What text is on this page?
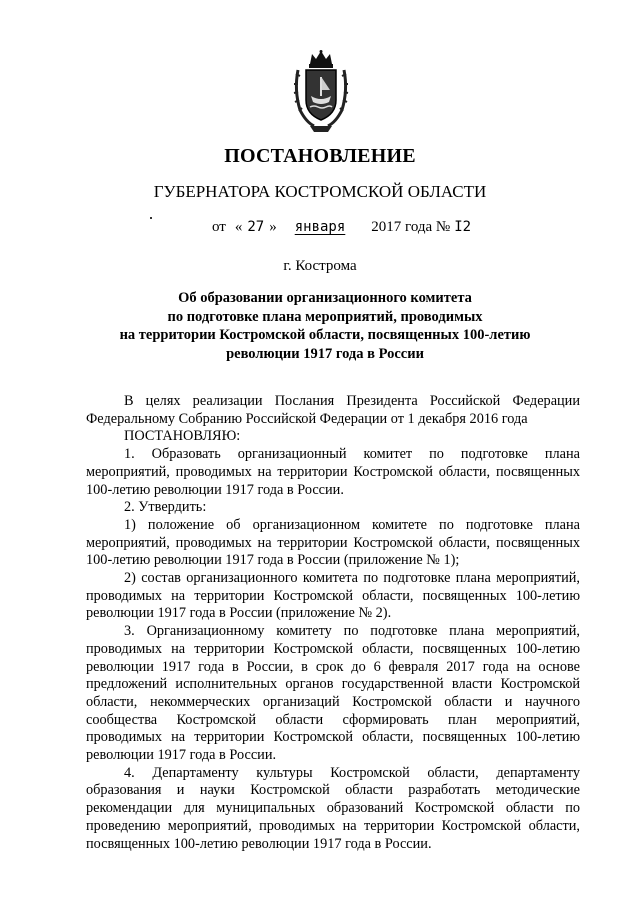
ПОСТАНОВЛЕНИЕ
ГУБЕРНАТОРА КОСТРОМСКОЙ ОБЛАСТИ
от « 27 » января 2017 года № I2
г. Кострома
Об образовании организационного комитета
по подготовке плана мероприятий, проводимых
на территории Костромской области, посвященных 100-летию
революции 1917 года в России

В целях реализации Послания Президента Российской Федерации Федеральному Собранию Российской Федерации от 1 декабря 2016 года

ПОСТАНОВЛЯЮ:

1. Образовать организационный комитет по подготовке плана мероприятий, проводимых на территории Костромской области, посвященных 100-летию революции 1917 года в России.

2. Утвердить:

1) положение об организационном комитете по подготовке плана мероприятий, проводимых на территории Костромской области, посвященных 100-летию революции 1917 года в России (приложение № 1);

2) состав организационного комитета по подготовке плана мероприятий, проводимых на территории Костромской области, посвященных 100-летию революции 1917 года в России (приложение № 2).

3. Организационному комитету по подготовке плана мероприятий, проводимых на территории Костромской области, посвященных 100-летию революции 1917 года в России, в срок до 6 февраля 2017 года на основе предложений исполнительных органов государственной власти Костромской области, некоммерческих организаций Костромской области и научного сообщества Костромской области сформировать план мероприятий, проводимых на территории Костромской области, посвященных 100-летию революции 1917 года в России.

4. Департаменту культуры Костромской области, департаменту образования и науки Костромской области разработать методические рекомендации для муниципальных образований Костромской области по проведению мероприятий, проводимых на территории Костромской области, посвященных 100-летию революции 1917 года в России.
